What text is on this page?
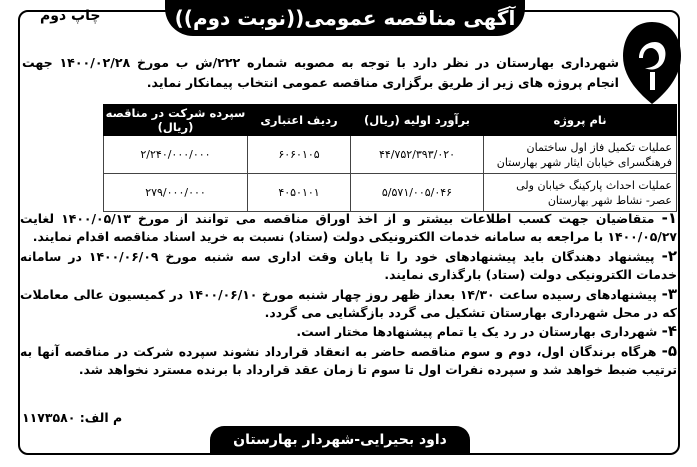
آگهی مناقصه عمومی((نوبت دوم))
چاپ دوم
شهرداری بهارستان در نظر دارد با توجه به مصوبه شماره ۲۲۲/ش ب مورخ ۱۴۰۰/۰۲/۲۸ جهت انجام پروژه های زیر از طریق برگزاری مناقصه عمومی انتخاب پیمانکار نماید.
نام پروژه	برآورد اولیه (ریال)	ردیف اعتباری	سپرده شرکت در مناقصه (ریال)
عملیات تکمیل فاز اول ساختمان فرهنگسرای خیابان ایثار شهر بهارستان	۴۴/۷۵۲/۳۹۳/۰۲۰	۶۰۶۰۱۰۵	۲/۲۴۰/۰۰۰/۰۰۰
عملیات احداث پارکینگ خیابان ولی عصر- نشاط شهر بهارستان	۵/۵۷۱/۰۰۵/۰۴۶	۴۰۵۰۱۰۱	۲۷۹/۰۰۰/۰۰۰

۱- متقاضیان جهت کسب اطلاعات بیشتر و از اخذ اوراق مناقصه می توانند از مورخ ۱۴۰۰/۰۵/۱۳ لغایت ۱۴۰۰/۰۵/۲۷ با مراجعه به سامانه خدمات الکترونیکی دولت (ستاد) نسبت به خرید اسناد مناقصه اقدام نمایند.

۲- پیشنهاد دهندگان باید پیشنهادهای خود را تا پایان وقت اداری سه شنبه مورخ ۱۴۰۰/۰۶/۰۹ در سامانه خدمات الکترونیکی دولت (ستاد) بارگذاری نمایند.

۳- پیشنهادهای رسیده ساعت ۱۴/۳۰ بعداز ظهر روز چهار شنبه مورخ ۱۴۰۰/۰۶/۱۰ در کمیسیون عالی معاملات که در محل شهرداری بهارستان تشکیل می گردد بازگشایی می گردد.

۴- شهرداری بهارستان در رد یک یا تمام پیشنهادها مختار است.

۵- هرگاه برندگان اول، دوم و سوم مناقصه حاضر به انعقاد قرارداد نشوند سپرده شرکت در مناقصه آنها به ترتیب ضبط خواهد شد و سپرده نفرات اول تا سوم تا زمان عقد قرارداد با برنده مسترد نخواهد شد.

م الف: ۱۱۷۳۵۸۰
داود بحیرایی-شهردار بهارستان
